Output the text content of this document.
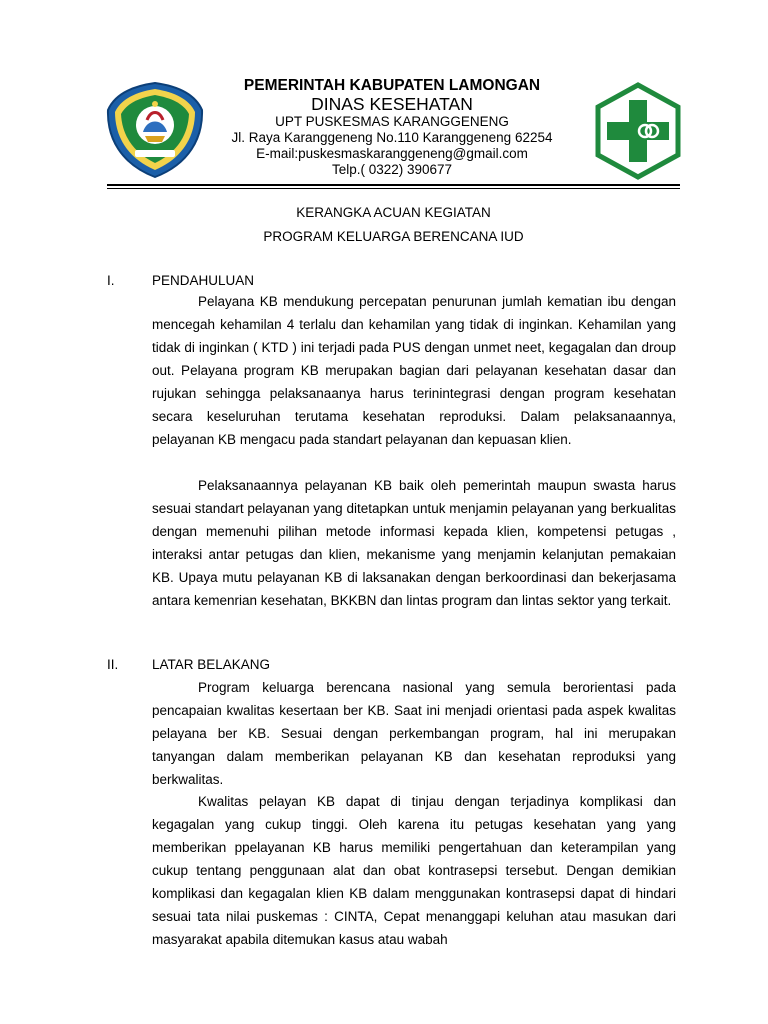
PEMERINTAH KABUPATEN LAMONGAN
DINAS KESEHATAN
UPT PUSKESMAS KARANGGENENG
Jl. Raya Karanggeneng No.110 Karanggeneng 62254
E-mail:puskesmaskaranggeneng@gmail.com
Telp.( 0322) 390677
KERANGKA ACUAN KEGIATAN
PROGRAM KELUARGA BERENCANA IUD
I.	PENDAHULUAN

Pelayana KB mendukung percepatan penurunan jumlah kematian ibu dengan mencegah kehamilan 4 terlalu dan kehamilan yang tidak di inginkan. Kehamilan yang tidak di inginkan ( KTD ) ini terjadi pada PUS dengan unmet neet, kegagalan dan droup out. Pelayana program KB merupakan bagian dari pelayanan kesehatan dasar dan rujukan sehingga pelaksanaanya harus terinintegrasi dengan program kesehatan secara keseluruhan terutama kesehatan reproduksi. Dalam pelaksanaannya, pelayanan KB mengacu pada standart pelayanan dan kepuasan klien.

Pelaksanaannya pelayanan KB baik oleh pemerintah maupun swasta harus sesuai standart pelayanan yang ditetapkan untuk menjamin pelayanan yang berkualitas dengan memenuhi pilihan metode informasi kepada klien, kompetensi petugas , interaksi antar petugas dan klien, mekanisme yang menjamin kelanjutan pemakaian KB. Upaya mutu pelayanan KB di laksanakan dengan berkoordinasi dan bekerjasama antara kemenrian kesehatan, BKKBN dan lintas program dan lintas sektor yang terkait.

II. LATAR BELAKANG

Program keluarga berencana nasional yang semula berorientasi pada pencapaian kwalitas kesertaan ber KB. Saat ini menjadi orientasi pada aspek kwalitas pelayana ber KB. Sesuai dengan perkembangan program, hal ini merupakan tanyangan dalam memberikan pelayanan KB dan kesehatan reproduksi yang berkwalitas.

Kwalitas pelayan KB dapat di tinjau dengan terjadinya komplikasi dan kegagalan yang cukup tinggi. Oleh karena itu petugas kesehatan yang yang memberikan ppelayanan KB harus memiliki pengertahuan dan keterampilan yang cukup tentang penggunaan alat dan obat kontrasepsi tersebut. Dengan demikian komplikasi dan kegagalan klien KB dalam menggunakan kontrasepsi dapat di hindari sesuai tata nilai puskemas : CINTA, Cepat menanggapi keluhan atau masukan dari masyarakat apabila ditemukan kasus atau wabah
